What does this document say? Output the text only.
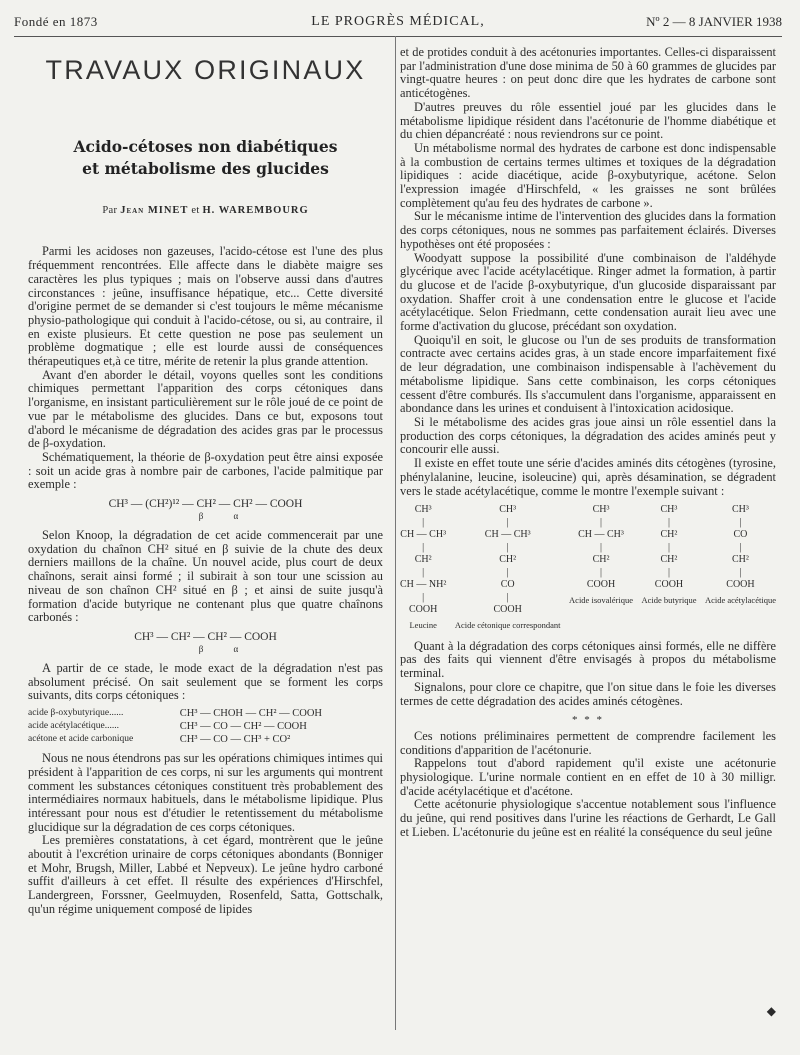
Fondé en 1873	LE PROGRÈS MÉDICAL,	Nº 2 — 8 JANVIER 1938
TRAVAUX ORIGINAUX
Acido-cétoses non diabétiques
et métabolisme des glucides
Par Jean MINET et H. WAREMBOURG

Parmi les acidoses non gazeuses, l'acido-cétose est l'une des plus fréquemment rencontrées. Elle affecte dans le diabète maigre ses caractères les plus typiques ; mais on l'observe aussi dans d'autres circonstances : jeûne, insuffisance hépatique, etc... Cette diversité d'origine permet de se demander si c'est toujours le même mécanisme physio-pathologique qui conduit à l'acido-cétose, ou si, au contraire, il en existe plusieurs. Et cette question ne pose pas seulement un problème dogmatique ; elle est lourde aussi de conséquences thérapeutiques et,à ce titre, mérite de retenir la plus grande attention.

Avant d'en aborder le détail, voyons quelles sont les conditions chimiques permettant l'apparition des corps cétoniques dans l'organisme, en insistant particulièrement sur le rôle joué de ce point de vue par le métabolisme des glucides. Dans ce but, exposons tout d'abord le mécanisme de dégradation des acides gras par le processus de β-oxydation.

Schématiquement, la théorie de β-oxydation peut être ainsi exposée : soit un acide gras à nombre pair de carbones, l'acide palmitique par exemple :

CH³ — (CH²)¹² — CH² — CH² — COOH
β α

Selon Knoop, la dégradation de cet acide commencerait par une oxydation du chaînon CH² situé en β suivie de la chute des deux derniers maillons de la chaîne. Un nouvel acide, plus court de deux chaînons, serait ainsi formé ; il subirait à son tour une scission au niveau de son chaînon CH² situé en β ; et ainsi de suite jusqu'à formation d'acide butyrique ne contenant plus que quatre chaînons carbonés :

CH³ — CH² — CH² — COOH
β α

A partir de ce stade, le mode exact de la dégradation n'est pas absolument précisé. On sait seulement que se forment les corps suivants, dits corps cétoniques :

acide β-oxybutyrique......	CH³ — CHOH — CH² — COOH
acide acétylacétique......	CH³ — CO — CH² — COOH
acétone et acide carbonique	CH³ — CO — CH³ + CO²

Nous ne nous étendrons pas sur les opérations chimiques intimes qui président à l'apparition de ces corps, ni sur les arguments qui montrent comment les substances cétoniques constituent très probablement des intermédiaires normaux habituels, dans le métabolisme lipidique. Plus intéressant pour nous est d'étudier le retentissement du métabolisme glucidique sur la dégradation de ces corps cétoniques.

Les premières constatations, à cet égard, montrèrent que le jeûne aboutit à l'excrétion urinaire de corps cétoniques abondants (Bonniger et Mohr, Brugsh, Miller, Labbé et Nepveux). Le jeûne hydro carboné suffit d'ailleurs à cet effet. Il résulte des expériences d'Hirschfel, Landergreen, Forssner, Geelmuyden, Rosenfeld, Satta, Gottschalk, qu'un régime uniquement composé de lipides

et de protides conduit à des acétonuries importantes. Celles-ci disparaissent par l'administration d'une dose minima de 50 à 60 grammes de glucides par vingt-quatre heures : on peut donc dire que les hydrates de carbone sont anticétogènes.

D'autres preuves du rôle essentiel joué par les glucides dans le métabolisme lipidique résident dans l'acétonurie de l'homme diabétique et du chien dépancréaté : nous reviendrons sur ce point.

Un métabolisme normal des hydrates de carbone est donc indispensable à la combustion de certains termes ultimes et toxiques de la dégradation lipidiques : acide diacétique, acide β-oxybutyrique, acétone. Selon l'expression imagée d'Hirschfeld, « les graisses ne sont brûlées complètement qu'au feu des hydrates de carbone ».

Sur le mécanisme intime de l'intervention des glucides dans la formation des corps cétoniques, nous ne sommes pas parfaitement éclairés. Diverses hypothèses ont été proposées :

Woodyatt suppose la possibilité d'une combinaison de l'aldéhyde glycérique avec l'acide acétylacétique. Ringer admet la formation, à partir du glucose et de l'acide β-oxybutyrique, d'un glucoside disparaissant par oxydation. Shaffer croit à une condensation entre le glucose et l'acide acétylacétique. Selon Friedmann, cette condensation aurait lieu avec une forme d'activation du glucose, précédant son oxydation.

Quoiqu'il en soit, le glucose ou l'un de ses produits de transformation contracte avec certains acides gras, à un stade encore imparfaitement fixé de leur dégradation, une combinaison indispensable à l'achèvement du métabolisme lipidique. Sans cette combinaison, les corps cétoniques cessent d'être comburés. Ils s'accumulent dans l'organisme, apparaissent en abondance dans les urines et conduisent à l'intoxication acidosique.

Si le métabolisme des acides gras joue ainsi un rôle essentiel dans la production des corps cétoniques, la dégradation des acides aminés peut y concourir elle aussi.

Il existe en effet toute une série d'acides aminés dits cétogènes (tyrosine, phénylalanine, leucine, isoleucine) qui, après désamination, se dégradent vers le stade acétylacétique, comme le montre l'exemple suivant :

CH³
|
CH — CH³
|
CH²
|
CH — NH²
|
COOH
Leucine
CH³
|
CH — CH³
|
CH²
|
CO
|
COOH
Acide cétonique correspondant
CH³
|
CH — CH³
|
CH²
|
COOH
Acide isovalérique
CH³
|
CH²
|
CH²
|
COOH
Acide butyrique
CH³
|
CO
|
CH²
|
COOH
Acide acétylacétique

Quant à la dégradation des corps cétoniques ainsi formés, elle ne diffère pas des faits qui viennent d'être envisagés à propos du métabolisme terminal.

Signalons, pour clore ce chapitre, que l'on situe dans le foie les diverses termes de cette dégradation des acides aminés cétogènes.

* * *

Ces notions préliminaires permettent de comprendre facilement les conditions d'apparition de l'acétonurie.

Rappelons tout d'abord rapidement qu'il existe une acétonurie physiologique. L'urine normale contient en en effet de 10 à 30 milligr. d'acide acétylacétique et d'acétone.

Cette acétonurie physiologique s'accentue notablement sous l'influence du jeûne, qui rend positives dans l'urine les réactions de Gerhardt, Le Gall et Lieben. L'acétonurie du jeûne est en réalité la conséquence du seul jeûne

◆
